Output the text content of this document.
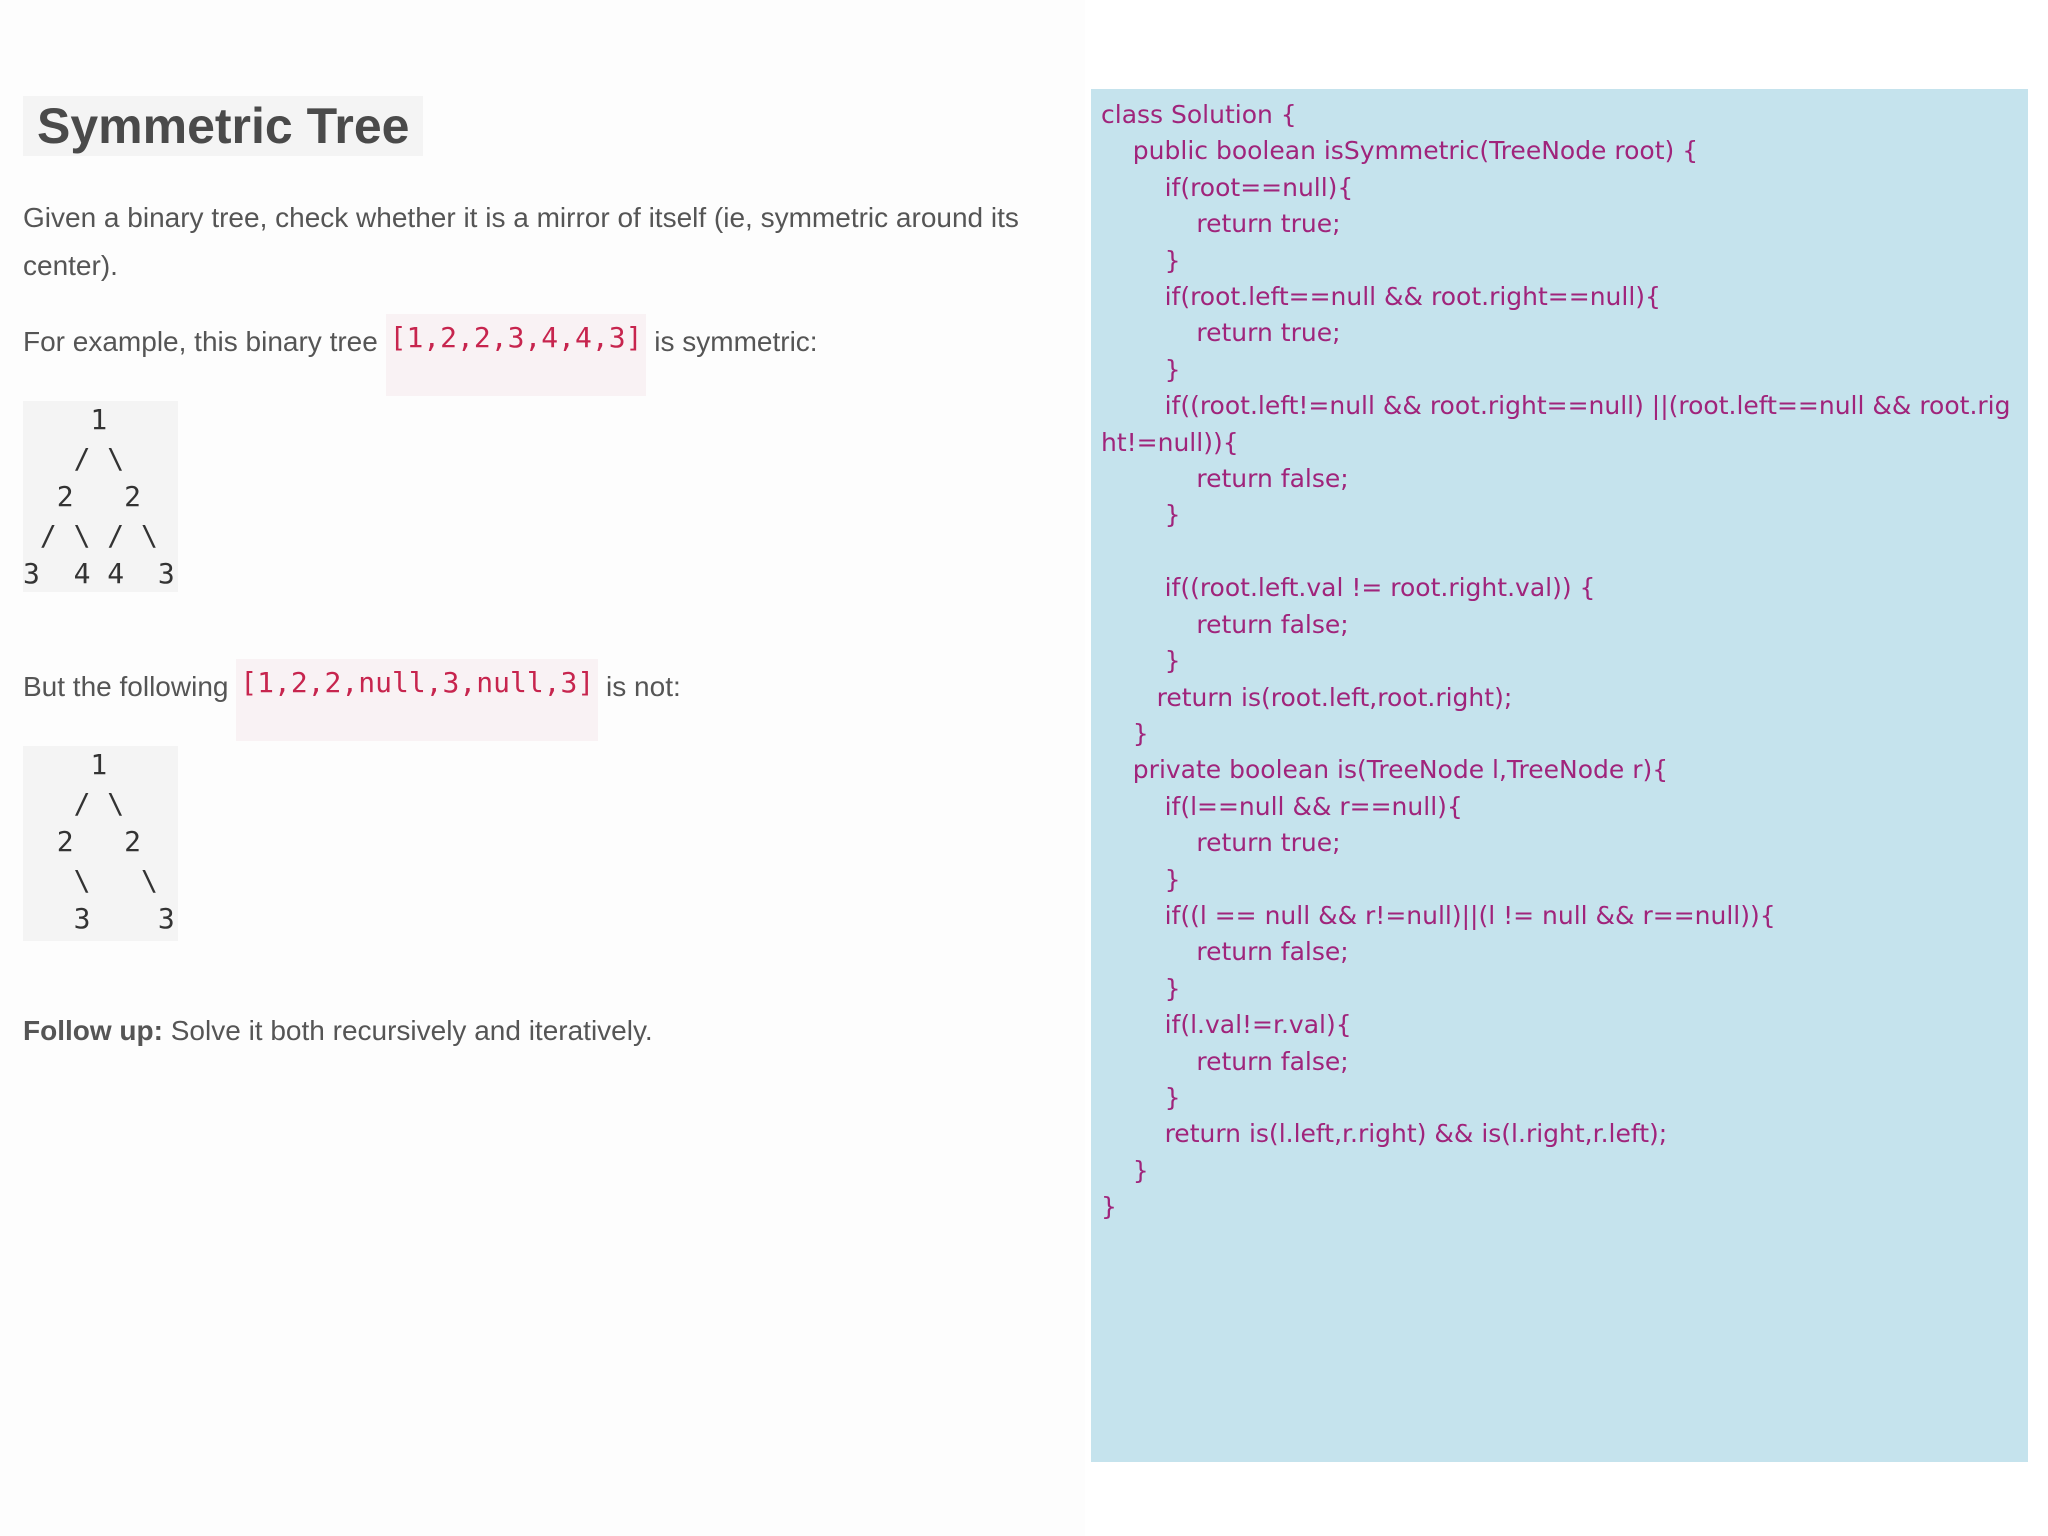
Symmetric Tree

Given a binary tree, check whether it is a mirror of itself (ie, symmetric around its center).

For example, this binary tree [1,2,2,3,4,4,3] is symmetric:

1
/ \
2   2
/ \ / \
3  4 4  3

But the following [1,2,2,null,3,null,3] is not:

1
/ \
2   2
\   \
3    3

Follow up: Solve it both recursively and iteratively.

class Solution {
public boolean isSymmetric(TreeNode root) {
if(root==null){
return true;
}
if(root.left==null && root.right==null){
return true;
}
if((root.left!=null && root.right==null) ||(root.left==null && root.right!=null)){
return false;
}

if((root.left.val != root.right.val)) {
return false;
}
return is(root.left,root.right);
}
private boolean is(TreeNode l,TreeNode r){
if(l==null && r==null){
return true;
}
if((l == null && r!=null)||(l != null && r==null)){
return false;
}
if(l.val!=r.val){
return false;
}
return is(l.left,r.right) && is(l.right,r.left);
}
}
